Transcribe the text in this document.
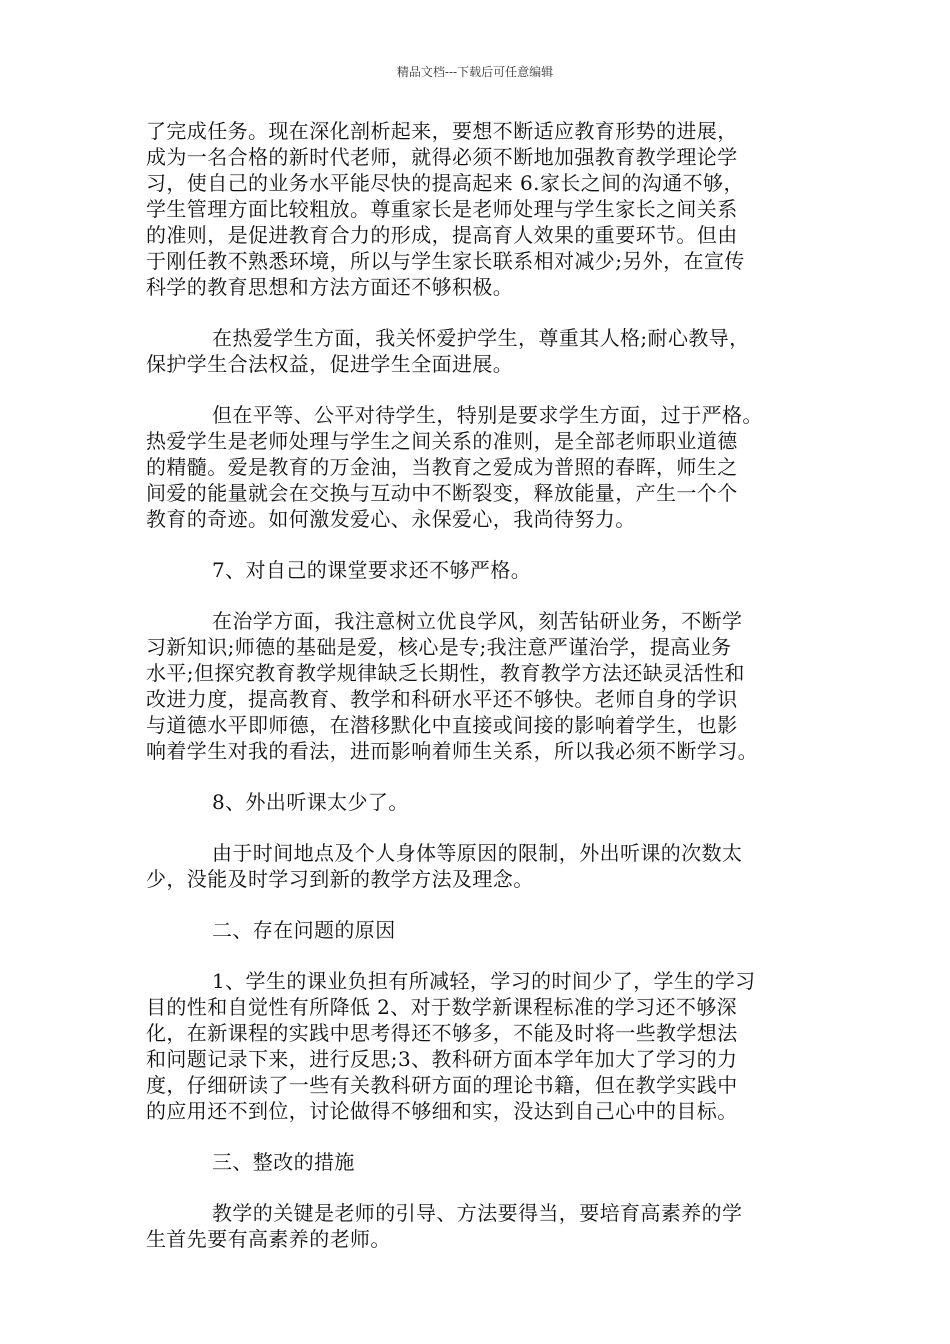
精品文档---下载后可任意编辑

了完成任务。现在深化剖析起来，要想不断适应教育形势的进展，
成为一名合格的新时代老师，就得必须不断地加强教育教学理论学
习，使自己的业务水平能尽快的提高起来 6.家长之间的沟通不够，
学生管理方面比较粗放。尊重家长是老师处理与学生家长之间关系
的准则，是促进教育合力的形成，提高育人效果的重要环节。但由
于刚任教不熟悉环境，所以与学生家长联系相对减少;另外，在宣传
科学的教育思想和方法方面还不够积极。

在热爱学生方面，我关怀爱护学生，尊重其人格;耐心教导，
保护学生合法权益，促进学生全面进展。

但在平等、公平对待学生，特别是要求学生方面，过于严格。
热爱学生是老师处理与学生之间关系的准则，是全部老师职业道德
的精髓。爱是教育的万金油，当教育之爱成为普照的春晖，师生之
间爱的能量就会在交换与互动中不断裂变，释放能量，产生一个个
教育的奇迹。如何激发爱心、永保爱心，我尚待努力。

7、对自己的课堂要求还不够严格。

在治学方面，我注意树立优良学风，刻苦钻研业务，不断学
习新知识;师德的基础是爱，核心是专;我注意严谨治学，提高业务
水平;但探究教育教学规律缺乏长期性，教育教学方法还缺灵活性和
改进力度，提高教育、教学和科研水平还不够快。老师自身的学识
与道德水平即师德，在潜移默化中直接或间接的影响着学生，也影
响着学生对我的看法，进而影响着师生关系，所以我必须不断学习。

8、外出听课太少了。

由于时间地点及个人身体等原因的限制，外出听课的次数太
少，没能及时学习到新的教学方法及理念。

二、存在问题的原因

1、学生的课业负担有所减轻，学习的时间少了，学生的学习
目的性和自觉性有所降低 2、对于数学新课程标准的学习还不够深
化，在新课程的实践中思考得还不够多，不能及时将一些教学想法
和问题记录下来，进行反思;3、教科研方面本学年加大了学习的力
度，仔细研读了一些有关教科研方面的理论书籍，但在教学实践中
的应用还不到位，讨论做得不够细和实，没达到自己心中的目标。

三、整改的措施

教学的关键是老师的引导、方法要得当，要培育高素养的学
生首先要有高素养的老师。
